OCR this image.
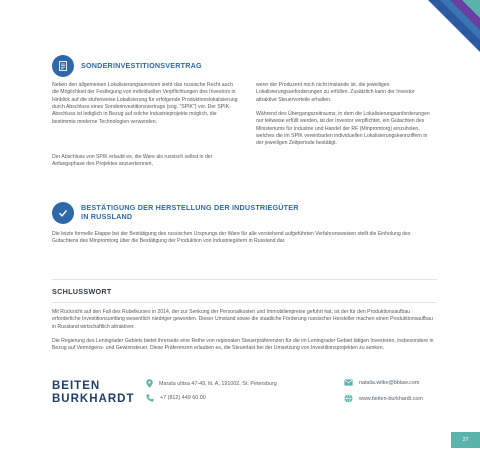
SONDERINVESTITIONSVERTRAG

Neben den allgemeinen Lokalisierungsanreizen sieht das russische Recht auch die Möglichkeit der Festlegung von individuellen Verpflichtungen des Investors in Hinblick auf die stufenweise Lokalisierung für erfolgende Produktionslokalisierung durch Abschluss eines Sonderinvestitionsvertrags (sog. "SPIK") vor. Der SPIK-Abschluss ist lediglich in Bezug auf solche Industrieprojekte möglich, die bestimmte moderne Technologien verwenden.

Der Abschluss von SPIK erlaubt es, die Ware als russisch selbst in der Anfangsphase des Projektes anzuerkennen,

wenn der Produzent noch nicht imstande ist, die jeweiligen Lokalisierungsanforderungen zu erfüllen. Zusätzlich kann der Investor attraktive Steuervorteile erhalten.

Während des Übergangszeitraums, in dem die Lokalisierungsanforderungen nur teilweise erfüllt werden, ist der Investor verpflichtet, ein Gutachten des Ministeriums für Industrie und Handel der RF (Minpromtorg) einzuholen, welches die im SPIK vereinbarten individuellen Lokalisierungskennziffern in der jeweiligen Zeitperiode bestätigt.

BESTÄTIGUNG DER HERSTELLUNG DER INDUSTRIEGÜTER
IN RUSSLAND

Die letzte formelle Etappe bei der Bestätigung des russischen Ursprungs der Ware für alle vorstehend aufgeführten Verfahrensweisen stellt die Einholung des Gutachtens des Minpromtorg über die Bestätigung der Produktion von Industriegütern in Russland dar.

SCHLUSSWORT

Mit Rücksicht auf den Fall des Rubelkurses in 2014, der zur Senkung der Personalkosten und Immobilienpreise geführt hat, ist der für den Produktionsaufbau erforderliche Investitionsumfang wesentlich niedriger geworden. Dieser Umstand sowie die staatliche Förderung russischer Hersteller machen einen Produktionsaufbau in Russland wirtschaftlich attraktiver.

Die Regierung des Leningrader Gebiets bietet ihrerseits eine Reihe von regionalen Steuerpräferenzen für die im Leningrader Gebiet tätigen Investoren, insbesondere in Bezug auf Vermögens- und Gewinnsteuer. Diese Präferenzen erlauben es, die Steuerlast bei der Umsetzung von Investitionsprojekten zu senken.

BEITEN
BURKHARDT
Marata ulitsa 47-49, lit. A, 191002, St. Petersburg
+7 (812) 449 60 00
natalia.wilke@bblaw.com
www.beiten-burkhardt.com
27
